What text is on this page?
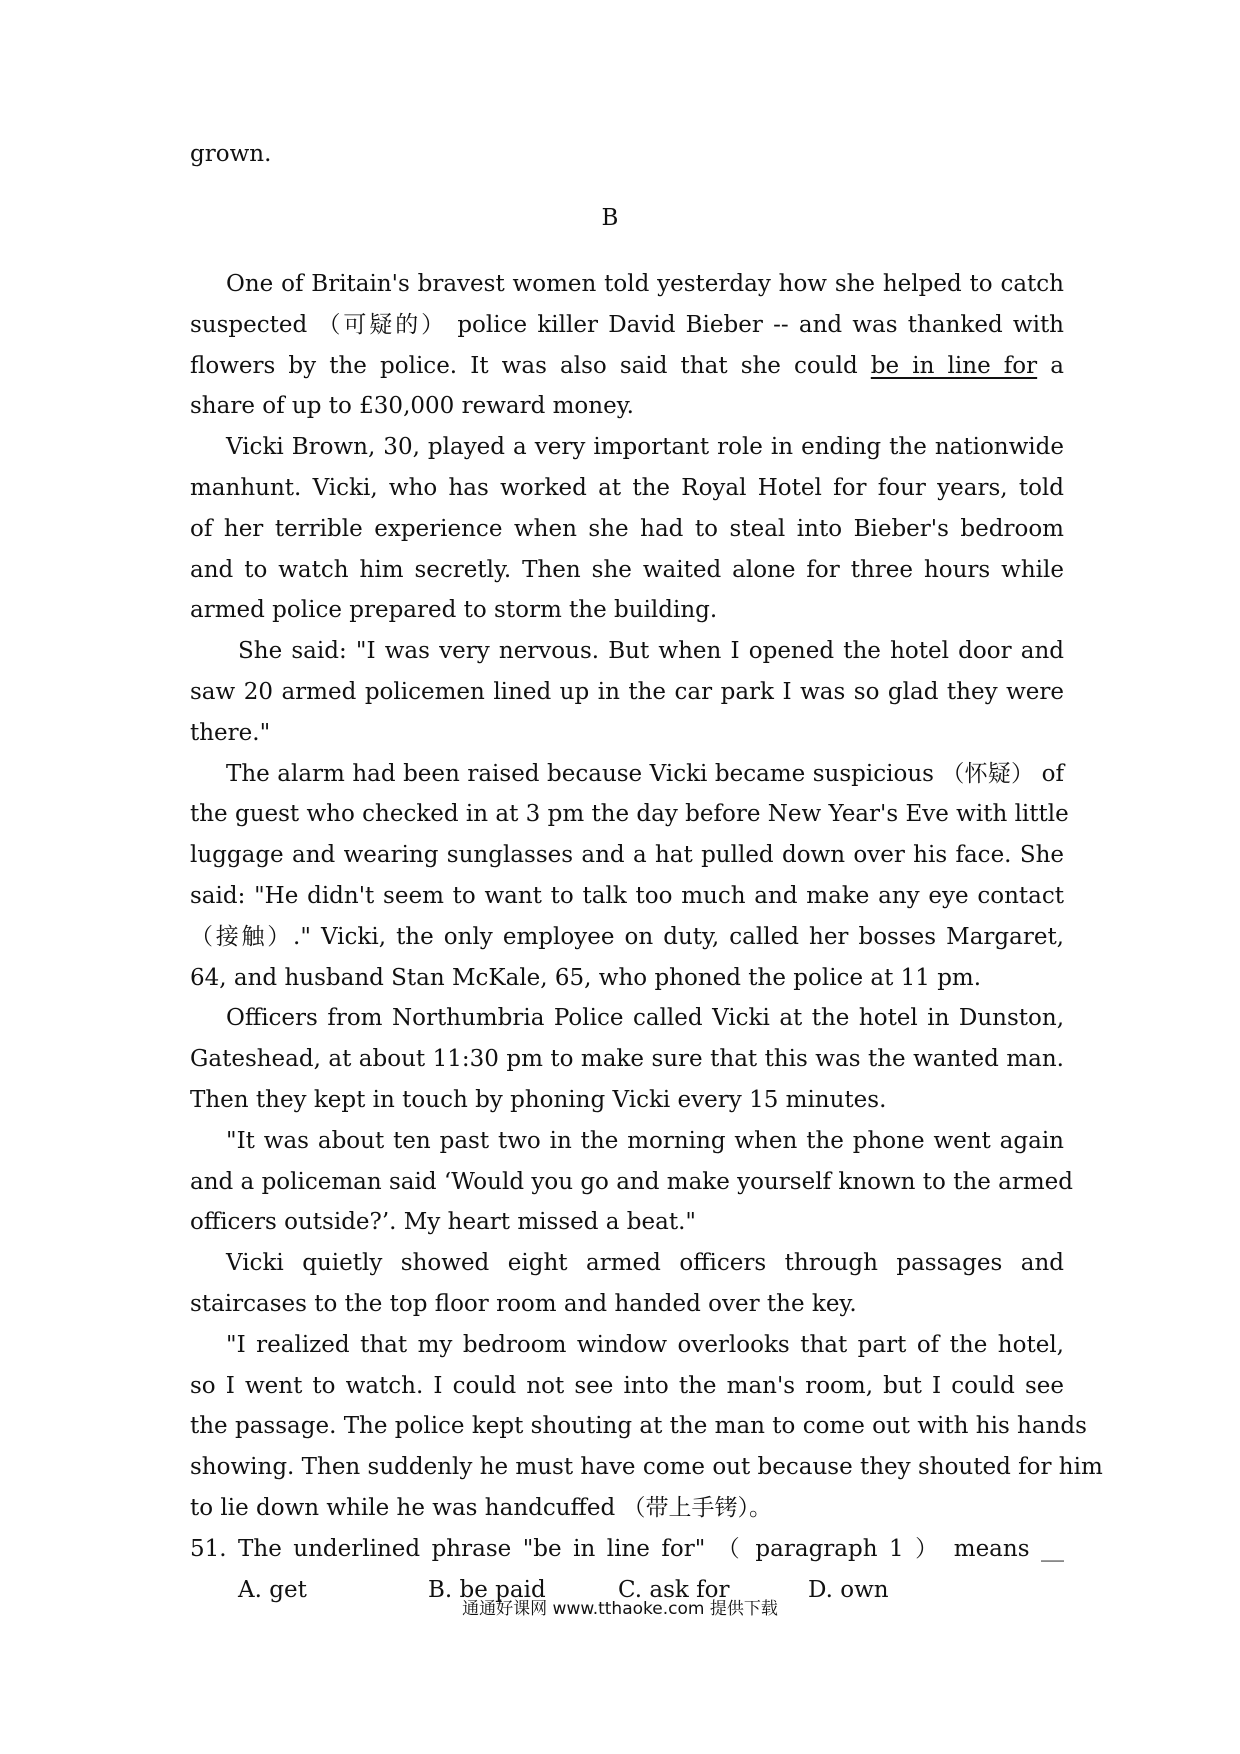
grown.
B
One of Britain's bravest women told yesterday how she helped to catch
suspected （可疑的） police killer David Bieber -- and was thanked with
flowers by the police. It was also said that she could be in line for a
share of up to £30,000 reward money.
Vicki Brown, 30, played a very important role in ending the nationwide
manhunt. Vicki, who has worked at the Royal Hotel for four years, told
of her terrible experience when she had to steal into Bieber's bedroom
and to watch him secretly. Then she waited alone for three hours while
armed police prepared to storm the building.
She said: "I was very nervous. But when I opened the hotel door and
saw 20 armed policemen lined up in the car park I was so glad they were
there."
The alarm had been raised because Vicki became suspicious （怀疑） of
the guest who checked in at 3 pm the day before New Year's Eve with little
luggage and wearing sunglasses and a hat pulled down over his face. She
said: "He didn't seem to want to talk too much and make any eye contact
（接触）." Vicki, the only employee on duty, called her bosses Margaret,
64, and husband Stan McKale, 65, who phoned the police at 11 pm.
Officers from Northumbria Police called Vicki at the hotel in Dunston,
Gateshead, at about 11:30 pm to make sure that this was the wanted man.
Then they kept in touch by phoning Vicki every 15 minutes.
"It was about ten past two in the morning when the phone went again
and a policeman said ‘Would you go and make yourself known to the armed
officers outside?’. My heart missed a beat."
Vicki quietly showed eight armed officers through passages and
staircases to the top floor room and handed over the key.
"I realized that my bedroom window overlooks that part of the hotel,
so I went to watch. I could not see into the man's room, but I could see
the passage. The police kept shouting at the man to come out with his hands
showing. Then suddenly he must have come out because they shouted for him
to lie down while he was handcuffed （带上手铐）。
51. The underlined phrase "be in line for" （ paragraph 1 ） means __
A. get	B. be paid	C. ask for	D. own
通通好课网 www.tthaoke.com 提供下载
